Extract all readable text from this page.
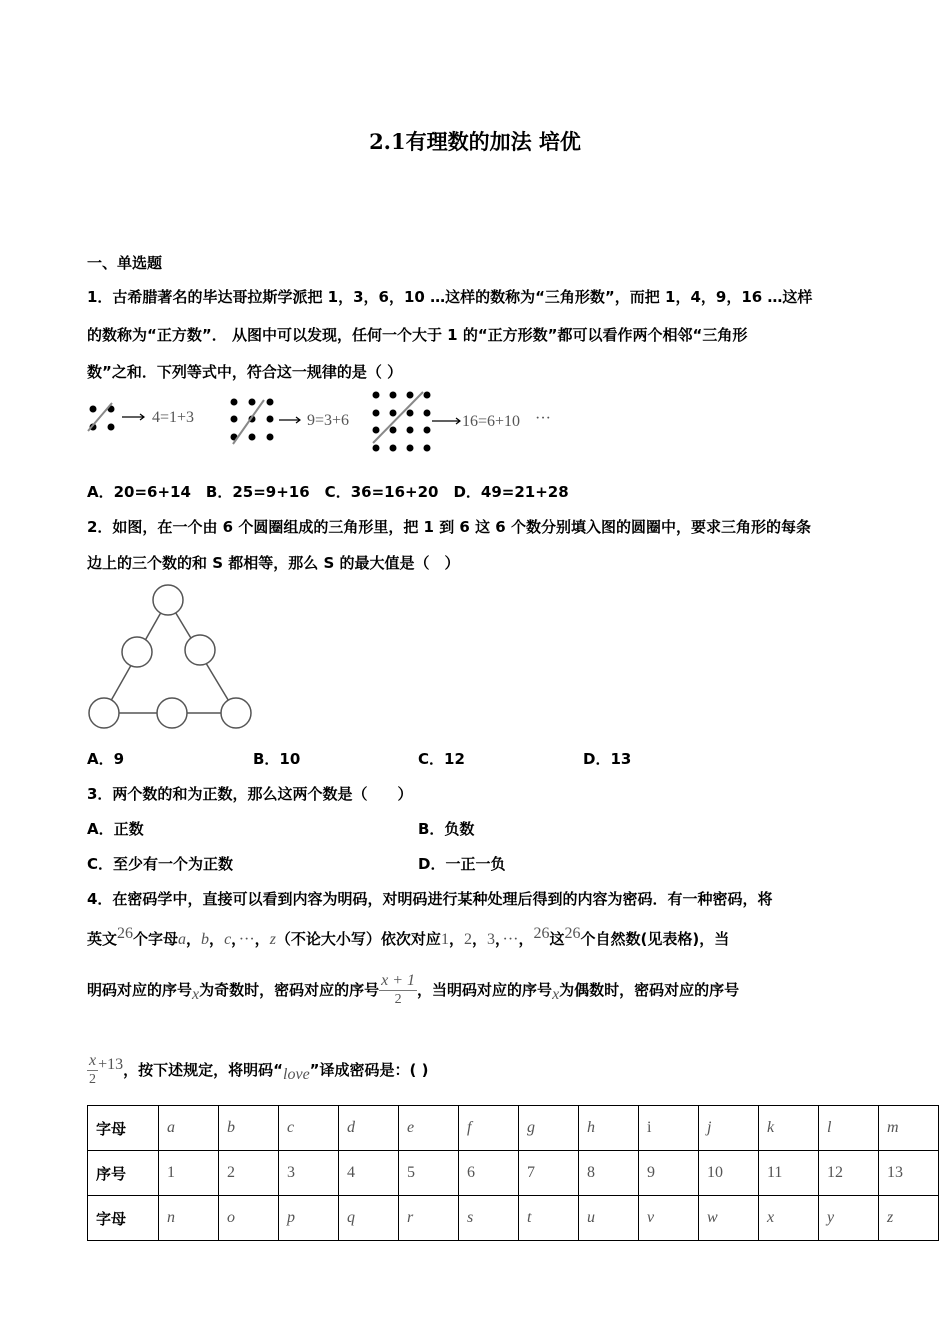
2.1有理数的加法 培优
一、单选题
1．古希腊著名的毕达哥拉斯学派把 1，3，6，10 …这样的数称为“三角形数”，而把 1，4，9，16 …这样
的数称为“正方数”． 从图中可以发现，任何一个大于 1 的“正方形数”都可以看作两个相邻“三角形
数”之和．下列等式中，符合这一规律的是（ ）
4=1+3	9=3+6	16=6+10 ···
A．20=6+14　B．25=9+16　C．36=16+20　D．49=21+28
2．如图，在一个由 6 个圆圈组成的三角形里，把 1 到 6 这 6 个数分别填入图的圆圈中，要求三角形的每条
边上的三个数的和 S 都相等，那么 S 的最大值是（　）
A．9	B．10	C．12	D．13
3．两个数的和为正数，那么这两个数是（　　）
A．正数	B．负数
C．至少有一个为正数	D．一正一负
4．在密码学中，直接可以看到内容为明码，对明码进行某种处理后得到的内容为密码．有一种密码，将
英文$^{26}$个字母a，b，c，···，z（不论大小写）依次对应1，2，3，···，$^{26}$这$^{26}$个自然数(见表格)，当
明码对应的序号$_x$为奇数时，密码对应的序号 $\frac{x + 1}{2}$ ，当明码对应的序号$_x$为偶数时，密码对应的序号
$\frac{x}{2} ^{+13}$，按下述规定，将明码“$_{love}$”译成密码是：( )
字母	a	b	c	d	e	f	g	h	i	j	k	l	m
序号	1	2	3	4	5	6	7	8	9	10	11	12	13
字母	n	o	p	q	r	s	t	u	v	w	x	y	z
